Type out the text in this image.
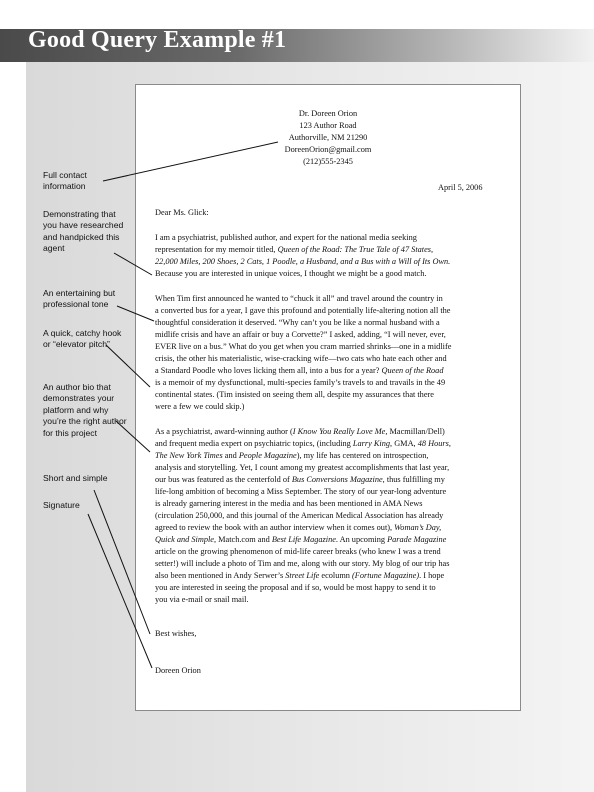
Good Query Example #1
Dr. Doreen Orion
123 Author Road
Authorville, NM 21290
DoreenOrion@gmail.com
(212)555-2345
April 5, 2006
Dear Ms. Glick:
I am a psychiatrist, published author, and expert for the national media seeking
representation for my memoir titled, Queen of the Road: The True Tale of 47 States,
22,000 Miles, 200 Shoes, 2 Cats, 1 Poodle, a Husband, and a Bus with a Will of Its Own.
Because you are interested in unique voices, I thought we might be a good match.
When Tim first announced he wanted to “chuck it all” and travel around the country in
a converted bus for a year, I gave this profound and potentially life-altering notion all the
thoughtful consideration it deserved. “Why can’t you be like a normal husband with a
midlife crisis and have an affair or buy a Corvette?” I asked, adding, “I will never, ever,
EVER live on a bus.” What do you get when you cram married shrinks—one in a midlife
crisis, the other his materialistic, wise-cracking wife—two cats who hate each other and
a Standard Poodle who loves licking them all, into a bus for a year? Queen of the Road
is a memoir of my dysfunctional, multi-species family’s travels to and travails in the 49
continental states. (Tim insisted on seeing them all, despite my assurances that there
were a few we could skip.)
As a psychiatrist, award-winning author (I Know You Really Love Me, Macmillan/Dell)
and frequent media expert on psychiatric topics, (including Larry King, GMA, 48 Hours,
The New York Times and People Magazine), my life has centered on introspection,
analysis and storytelling. Yet, I count among my greatest accomplishments that last year,
our bus was featured as the centerfold of Bus Conversions Magazine, thus fulfilling my
life-long ambition of becoming a Miss September. The story of our year-long adventure
is already garnering interest in the media and has been mentioned in AMA News
(circulation 250,000, and this journal of the American Medical Association has already
agreed to review the book with an author interview when it comes out), Woman’s Day,
Quick and Simple, Match.com and Best Life Magazine. An upcoming Parade Magazine
article on the growing phenomenon of mid-life career breaks (who knew I was a trend
setter!) will include a photo of Tim and me, along with our story. My blog of our trip has
also been mentioned in Andy Serwer’s Street Life ecolumn (Fortune Magazine). I hope
you are interested in seeing the proposal and if so, would be most happy to send it to
you via e-mail or snail mail.
Best wishes,
Doreen Orion
Full contact information
Demonstrating that you have researched and handpicked this agent
An entertaining but professional tone
A quick, catchy hook or “elevator pitch”
An author bio that demonstrates your platform and why you’re the right author for this project
Short and simple
Signature
